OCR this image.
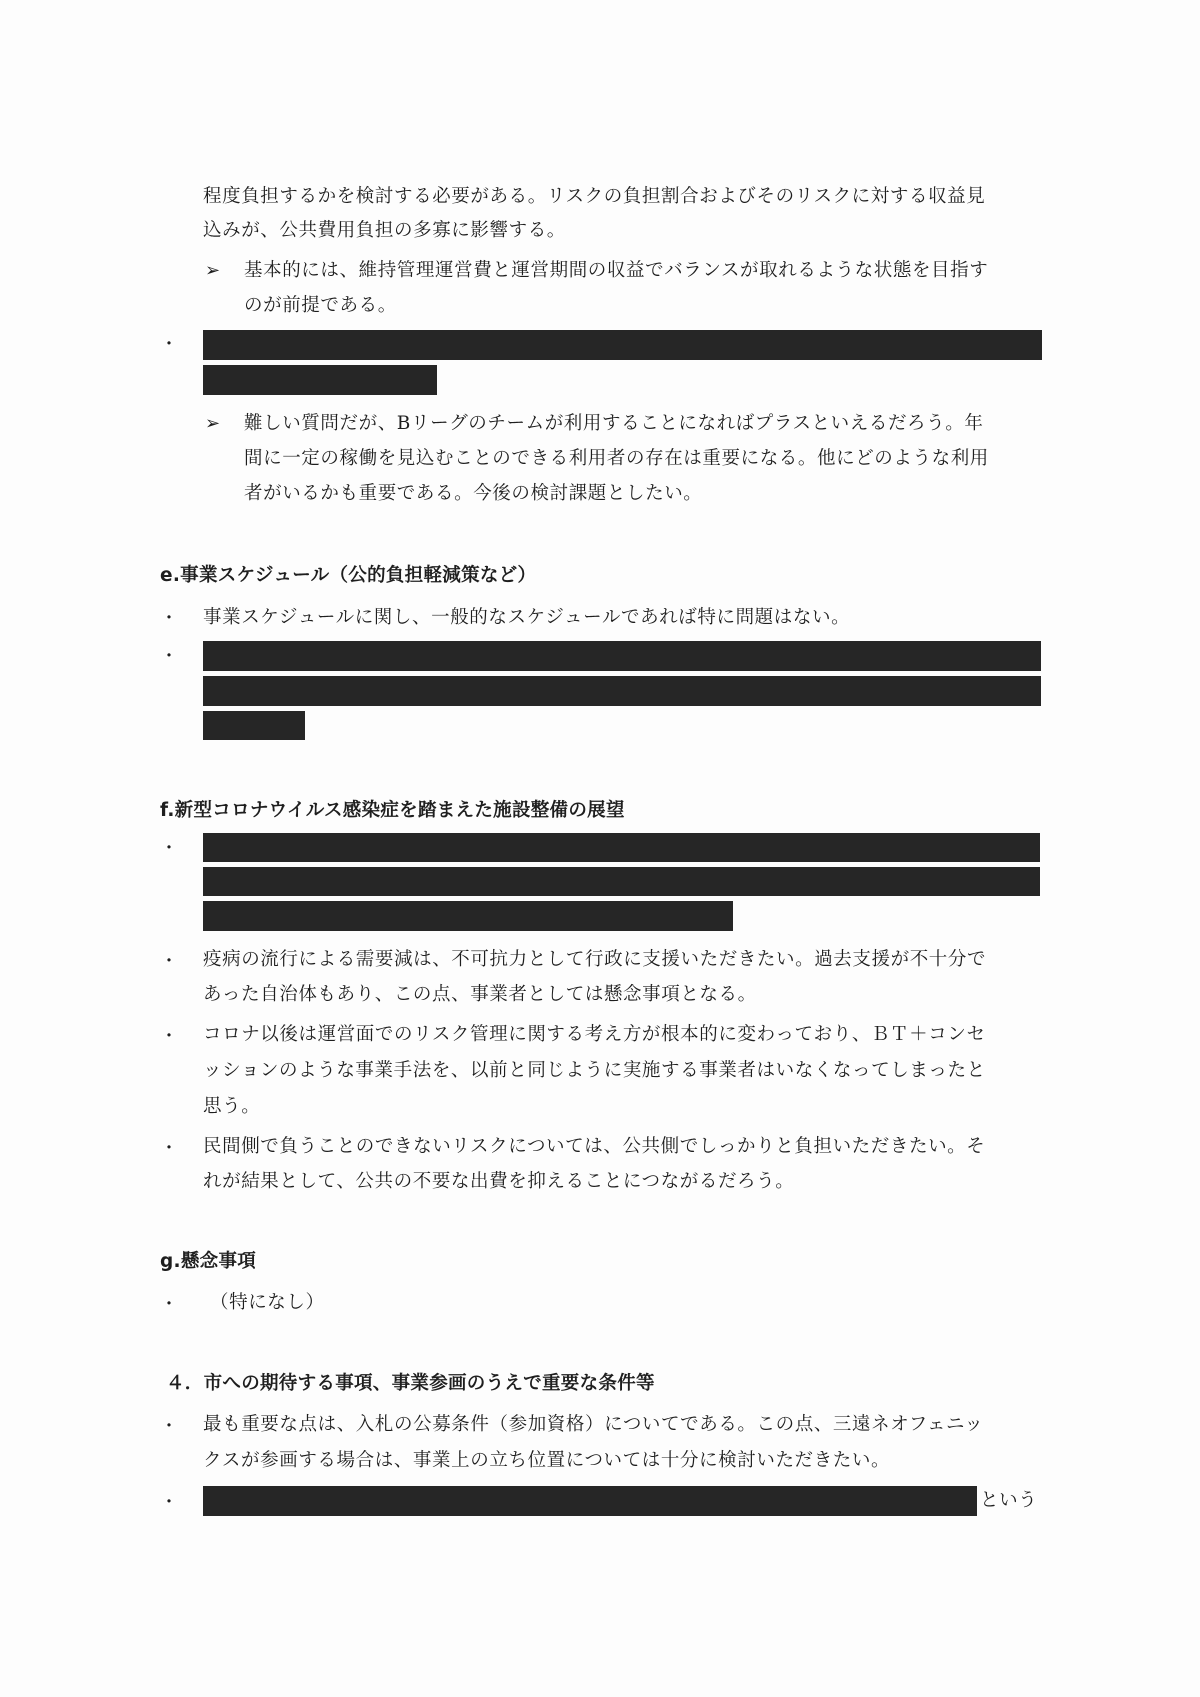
程度負担するかを検討する必要がある。リスクの負担割合およびそのリスクに対する収益見
込みが、公共費用負担の多寡に影響する。
➢ 基本的には、維持管理運営費と運営期間の収益でバランスが取れるような状態を目指す
のが前提である。
・
➢ 難しい質問だが、Bリーグのチームが利用することになればプラスといえるだろう。年
間に一定の稼働を見込むことのできる利用者の存在は重要になる。他にどのような利用
者がいるかも重要である。今後の検討課題としたい。
e.事業スケジュール（公的負担軽減策など）
・ 事業スケジュールに関し、一般的なスケジュールであれば特に問題はない。
・
f.新型コロナウイルス感染症を踏まえた施設整備の展望
・
・ 疫病の流行による需要減は、不可抗力として行政に支援いただきたい。過去支援が不十分で
あった自治体もあり、この点、事業者としては懸念事項となる。
・ コロナ以後は運営面でのリスク管理に関する考え方が根本的に変わっており、ＢＴ＋コンセ
ッションのような事業手法を、以前と同じように実施する事業者はいなくなってしまったと
思う。
・ 民間側で負うことのできないリスクについては、公共側でしっかりと負担いただきたい。そ
れが結果として、公共の不要な出費を抑えることにつながるだろう。
g.懸念事項
・ （特になし）
４．市への期待する事項、事業参画のうえで重要な条件等
・ 最も重要な点は、入札の公募条件（参加資格）についてである。この点、三遠ネオフェニッ
クスが参画する場合は、事業上の立ち位置については十分に検討いただきたい。
・	という
